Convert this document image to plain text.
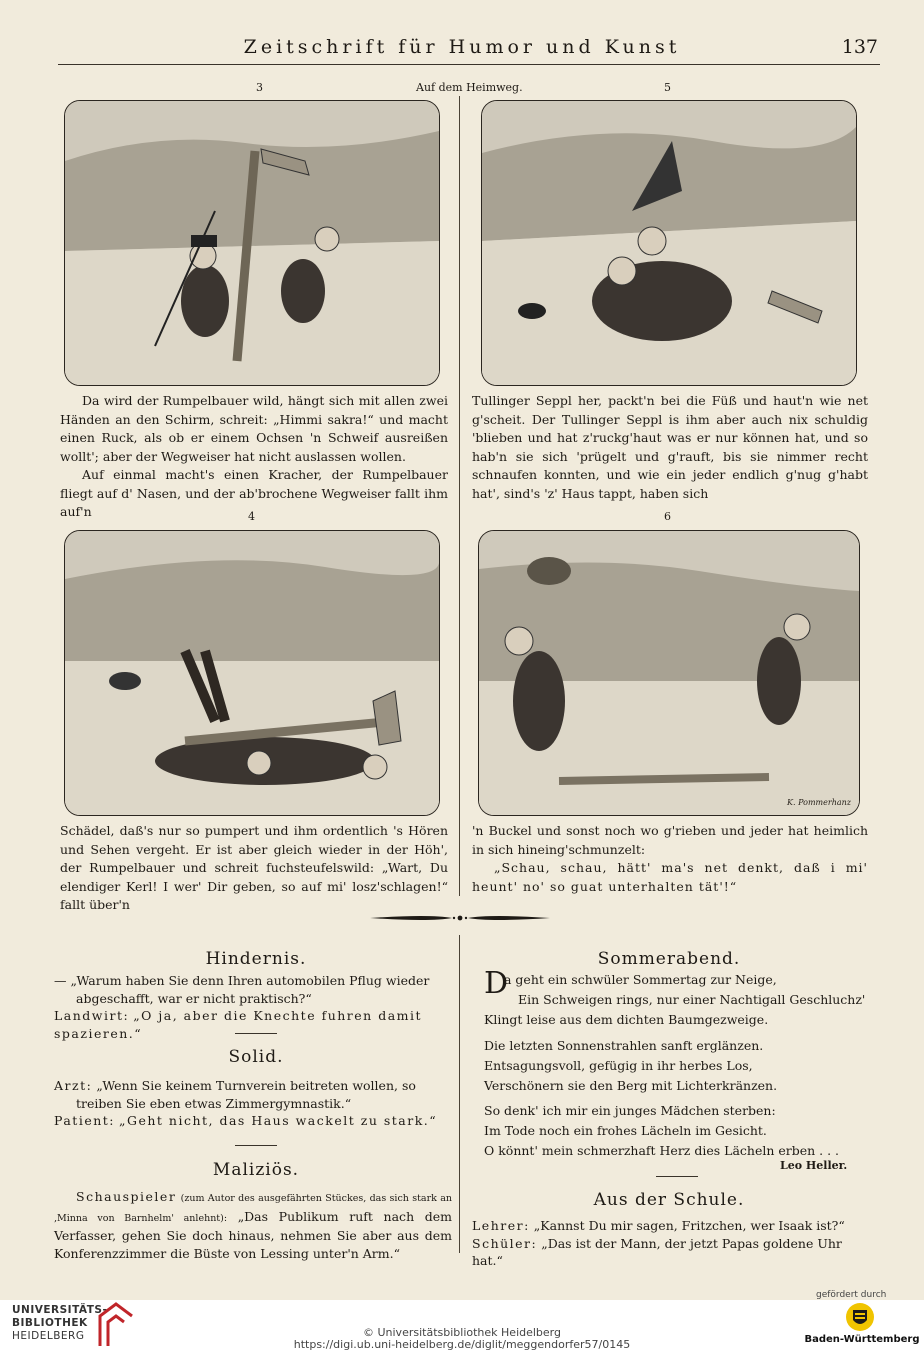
Zeitschrift für Humor und Kunst	137
3	Auf dem Heimweg.	5

Da wird der Rumpelbauer wild, hängt sich mit allen zwei Händen an den Schirm, schreit: „Himmi sakra!“ und macht einen Ruck, als ob er einem Ochsen 'n Schweif ausreißen wollt'; aber der Wegweiser hat nicht auslassen wollen.

Auf einmal macht's einen Kracher, der Rumpelbauer fliegt auf d' Nasen, und der ab'brochene Wegweiser fallt ihm auf'n

Tullinger Seppl her, packt'n bei die Füß und haut'n wie net g'scheit. Der Tullinger Seppl is ihm aber auch nix schuldig 'blieben und hat z'ruckg'haut was er nur können hat, und so hab'n sie sich 'prügelt und g'rauft, bis sie nimmer recht schnaufen konnten, und wie ein jeder endlich g'nug g'habt hat', sind's 'z' Haus tappt, haben sich

4	6
K. Pommerhanz

Schädel, daß's nur so pumpert und ihm ordentlich 's Hören und Sehen vergeht. Er ist aber gleich wieder in der Höh', der Rumpelbauer und schreit fuchsteufelswild: „Wart, Du elendiger Kerl! I wer' Dir geben, so auf mi' losz'schlagen!“ fallt über'n

'n Buckel und sonst noch wo g'rieben und jeder hat heimlich in sich hineing'schmunzelt:

„Schau, schau, hätt' ma's net denkt, daß i mi' heunt' no' so guat unterhalten tät'!“

Hindernis.

— „Warum haben Sie denn Ihren automobilen Pflug wieder abgeschafft, war er nicht praktisch?“

Landwirt: „O ja, aber die Knechte fuhren damit spazieren.“

Solid.

Arzt: „Wenn Sie keinem Turnverein beitreten wollen, so treiben Sie eben etwas Zimmergymnastik.“

Patient: „Geht nicht, das Haus wackelt zu stark.“

Maliziös.

Schauspieler (zum Autor des ausgefährten Stückes, das sich stark an ‚Minna von Barnhelm' anlehnt): „Das Publikum ruft nach dem Verfasser, gehen Sie doch hinaus, nehmen Sie aber aus dem Konferenzzimmer die Büste von Lessing unter'n Arm.“

Sommerabend.
D

a geht ein schwüler Sommertag zur Neige,

Ein Schweigen rings, nur einer Nachtigall Geschluchz'

Klingt leise aus dem dichten Baumgezweige.

Die letzten Sonnenstrahlen sanft erglänzen.

Entsagungsvoll, gefügig in ihr herbes Los,

Verschönern sie den Berg mit Lichterkränzen.

So denk' ich mir ein junges Mädchen sterben:

Im Tode noch ein frohes Lächeln im Gesicht.

O könnt' mein schmerzhaft Herz dies Lächeln erben . . .

Leo Heller.
Aus der Schule.

Lehrer: „Kannst Du mir sagen, Fritzchen, wer Isaak ist?“

Schüler: „Das ist der Mann, der jetzt Papas goldene Uhr hat.“

UNIVERSITÄTS-
BIBLIOTHEK
HEIDELBERG	© Universitätsbibliothek Heidelberg
https://digi.ub.uni-heidelberg.de/diglit/meggendorfer57/0145
gefördert durch
Baden-Württemberg
